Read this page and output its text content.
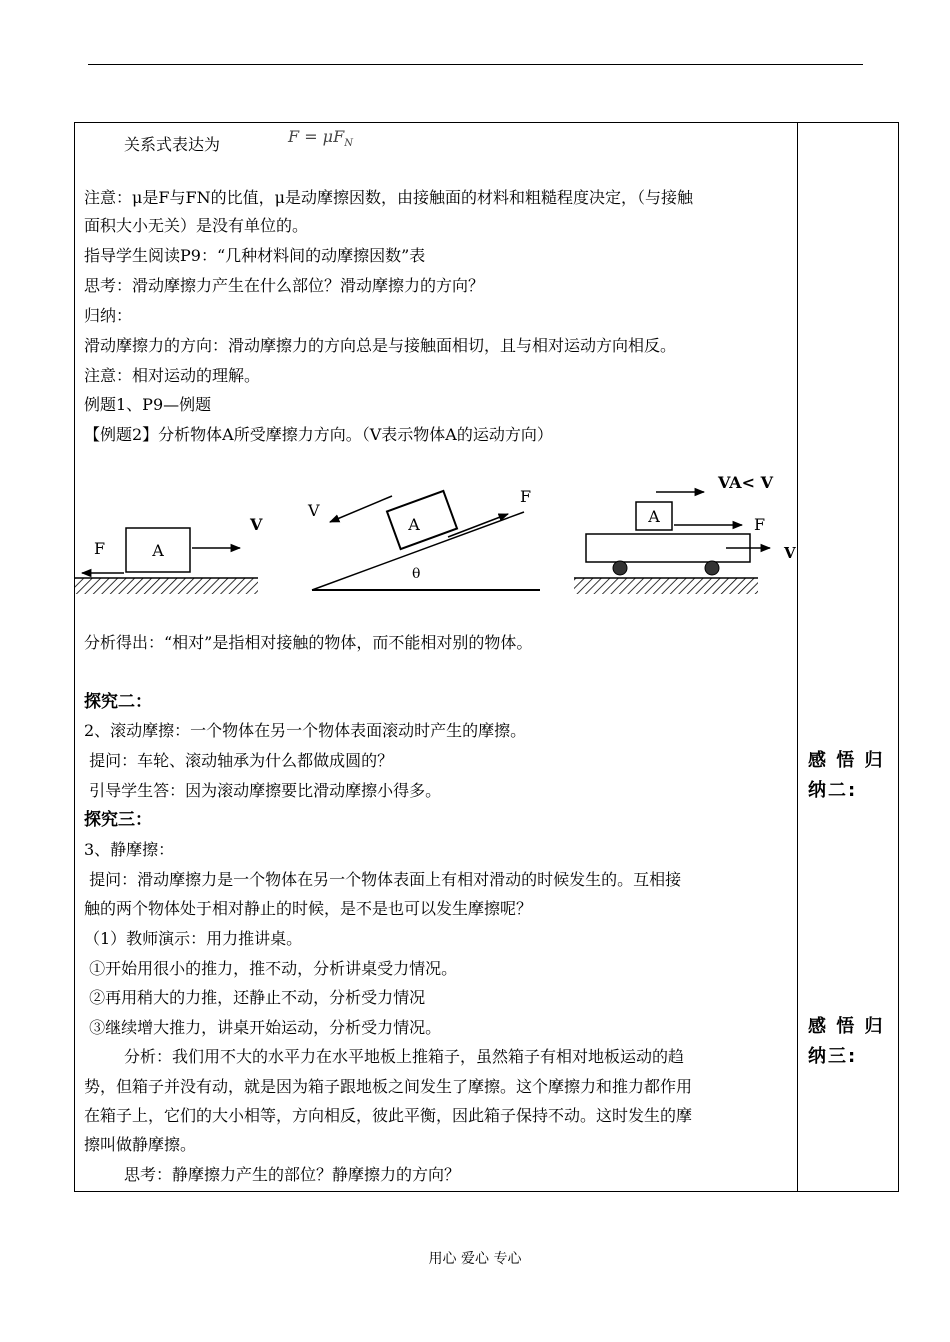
关系式表达为	$F = \mu F_N$
注意：μ是F与FN的比值，μ是动摩擦因数，由接触面的材料和粗糙程度决定，（与接触
面积大小无关）是没有单位的。
指导学生阅读P9：“几种材料间的动摩擦因数”表
思考：滑动摩擦力产生在什么部位？滑动摩擦力的方向？
归纳：
滑动摩擦力的方向：滑动摩擦力的方向总是与接触面相切，且与相对运动方向相反。
注意：相对运动的理解。
例题1、P9—例题
【例题2】分析物体A所受摩擦力方向。（V表示物体A的运动方向）
A
V
F
A
F
V
θ
A
VA< V
F
V
分析得出：“相对”是指相对接触的物体，而不能相对别的物体。
探究二：
2、滚动摩擦：一个物体在另一个物体表面滚动时产生的摩擦。
提问：车轮、滚动轴承为什么都做成圆的？
引导学生答：因为滚动摩擦要比滑动摩擦小得多。
探究三：
3、静摩擦：
提问：滑动摩擦力是一个物体在另一个物体表面上有相对滑动的时候发生的。互相接
触的两个物体处于相对静止的时候，是不是也可以发生摩擦呢？
（1）教师演示：用力推讲桌。
①开始用很小的推力，推不动，分析讲桌受力情况。
②再用稍大的力推，还静止不动，分析受力情况
③继续增大推力，讲桌开始运动，分析受力情况。
分析：我们用不大的水平力在水平地板上推箱子，虽然箱子有相对地板运动的趋
势，但箱子并没有动，就是因为箱子跟地板之间发生了摩擦。这个摩擦力和推力都作用
在箱子上，它们的大小相等，方向相反，彼此平衡，因此箱子保持不动。这时发生的摩
擦叫做静摩擦。
思考：静摩擦力产生的部位？静摩擦力的方向？
感 悟 归 纳二:
感 悟 归 纳三:
用心 爱心 专心
